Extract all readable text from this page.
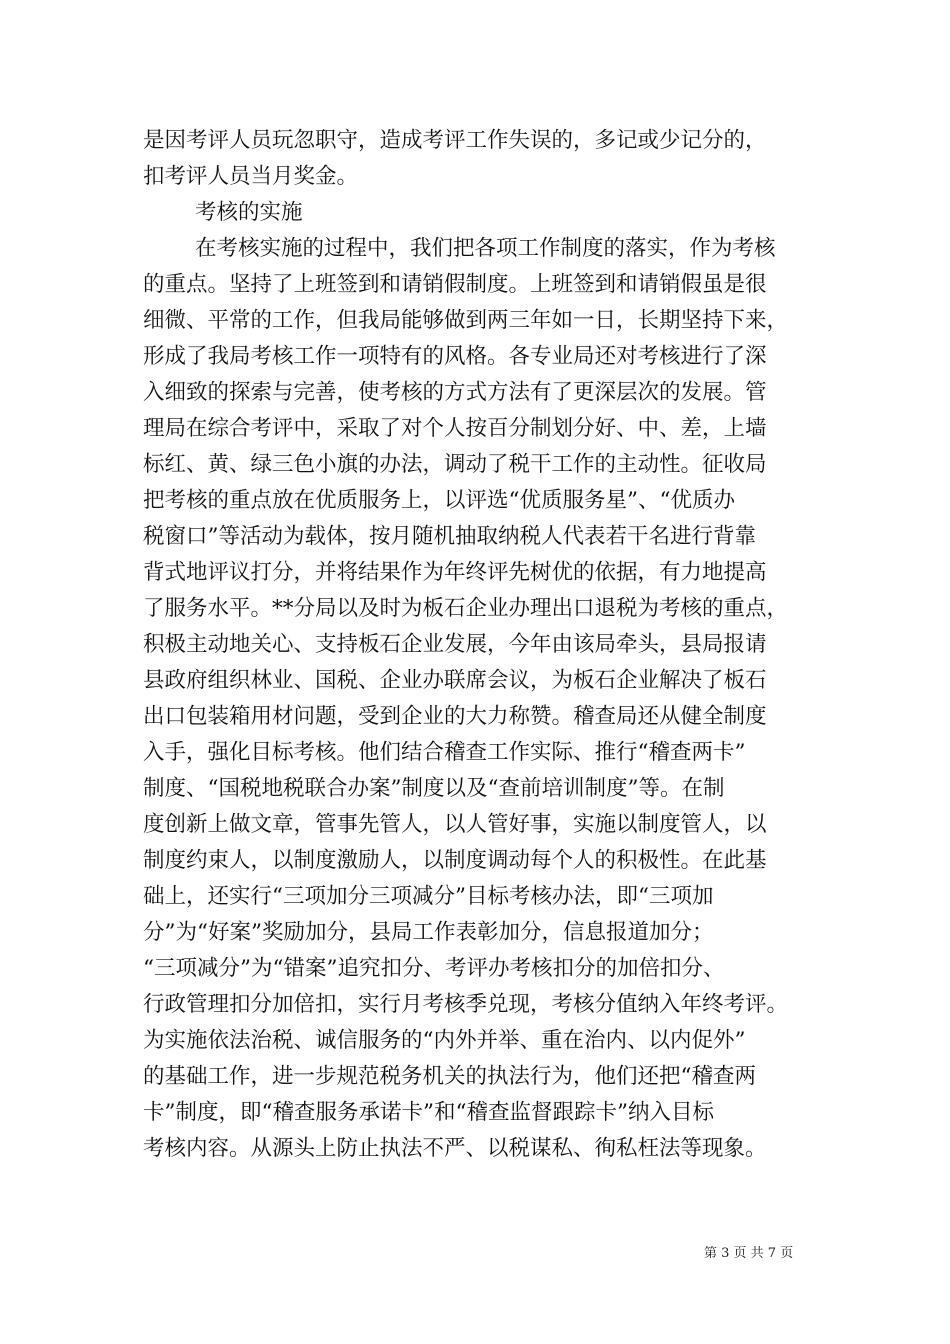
是因考评人员玩忽职守，造成考评工作失误的，多记或少记分的，
扣考评人员当月奖金。
考核的实施
在考核实施的过程中，我们把各项工作制度的落实，作为考核
的重点。坚持了上班签到和请销假制度。上班签到和请销假虽是很
细微、平常的工作，但我局能够做到两三年如一日，长期坚持下来，
形成了我局考核工作一项特有的风格。各专业局还对考核进行了深
入细致的探索与完善，使考核的方式方法有了更深层次的发展。管
理局在综合考评中，采取了对个人按百分制划分好、中、差，上墙
标红、黄、绿三色小旗的办法，调动了税干工作的主动性。征收局
把考核的重点放在优质服务上，以评选“优质服务星”、“优质办
税窗口”等活动为载体，按月随机抽取纳税人代表若干名进行背靠
背式地评议打分，并将结果作为年终评先树优的依据，有力地提高
了服务水平。**分局以及时为板石企业办理出口退税为考核的重点，
积极主动地关心、支持板石企业发展，今年由该局牵头，县局报请
县政府组织林业、国税、企业办联席会议，为板石企业解决了板石
出口包装箱用材问题，受到企业的大力称赞。稽查局还从健全制度
入手，强化目标考核。他们结合稽查工作实际、推行“稽查两卡”
制度、“国税地税联合办案”制度以及“查前培训制度”等。在制
度创新上做文章，管事先管人，以人管好事，实施以制度管人，以
制度约束人，以制度激励人，以制度调动每个人的积极性。在此基
础上，还实行“三项加分三项减分”目标考核办法，即“三项加
分”为“好案”奖励加分，县局工作表彰加分，信息报道加分；
“三项减分”为“错案”追究扣分、考评办考核扣分的加倍扣分、
行政管理扣分加倍扣，实行月考核季兑现，考核分值纳入年终考评。
为实施依法治税、诚信服务的“内外并举、重在治内、以内促外”
的基础工作，进一步规范税务机关的执法行为，他们还把“稽查两
卡”制度，即“稽查服务承诺卡”和“稽查监督跟踪卡”纳入目标
考核内容。从源头上防止执法不严、以税谋私、徇私枉法等现象。
第 3 页 共 7 页
